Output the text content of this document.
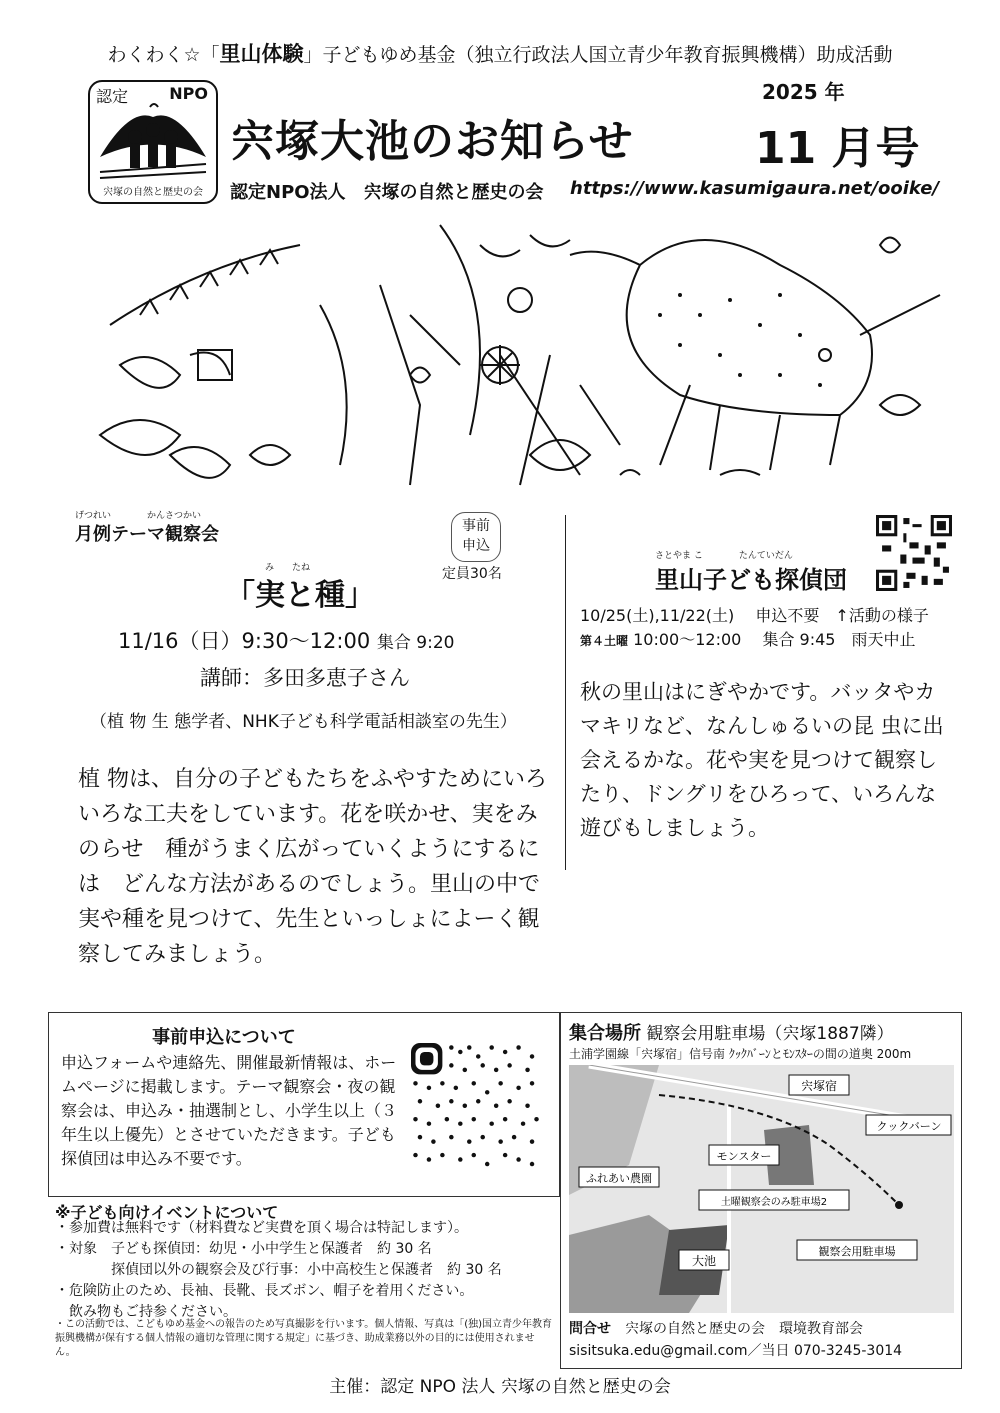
わくわく☆「里山体験」子どもゆめ基金（独立行政法人国立青少年教育振興機構）助成活動
認定	NPO
宍塚の自然と歴史の会
2025 年
宍塚大池のお知らせ	11 月号
認定NPO法人　宍塚の自然と歴史の会 https://www.kasumigaura.net/ooike/
げつれい　　　　かんさつかい
月例テーマ観察会	事前
申込
定員30名
み　　たね
「実と種」
11/16（日）9:30～12:00 集合 9:20
講師：多田多恵子さん
（植 物 生 態学者、NHK子ども科学電話相談室の先生）
植 物は、自分の子どもたちをふやすためにいろいろな工夫をしています。花を咲かせ、実をみのらせ　種がうまく広がっていくようにするには　どんな方法があるのでしょう。里山の中で実や種を見つけて、先生といっしょによーく観察してみましょう。
さとやま こ　　　　たんていだん
里山子ども探偵団
10/25(土),11/22(土)　 申込不要　 ↑活動の様子
第４土曜 10:00～12:00　 集合 9:45　 雨天中止
秋の里山はにぎやかです。バッタやカマキリなど、なんしゅるいの昆 虫に出会えるかな。花や実を見つけて観察したり、ドングリをひろって、いろんな遊びもしましょう。
事前申込について
申込フォームや連絡先、開催最新情報は、ホームページに掲載します。テーマ観察会・夜の観察会は、申込み・抽選制とし、小学生以上（３年生以上優先）とさせていただきます。子ども探偵団は申込み不要です。
※子ども向けイベントについて
・参加費は無料です（材料費など実費を頂く場合は特記します）。
・対象　子ども探偵団：幼児・小中学生と保護者　約 30 名
　　　　探偵団以外の観察会及び行事：小中高校生と保護者　約 30 名
・危険防止のため、長袖、長靴、長ズボン、帽子を着用ください。
　飲み物もご持参ください。
・この活動では、こどもゆめ基金への報告のため写真撮影を行います。個人情報、写真は「(独)国立青少年教育振興機構が保有する個人情報の適切な管理に関する規定」に基づき、助成業務以外の目的には使用されません。
集合場所 観察会用駐車場（宍塚1887隣）
土浦学園線「宍塚宿」信号南 ｸｯｸﾊﾞｰﾝとﾓﾝｽﾀｰの間の道奥 200m
宍塚宿
クックバーン
モンスター
ふれあい農園
土曜観察会のみ駐車場2
大池
観察会用駐車場
問合せ　 宍塚の自然と歴史の会　環境教育部会
sisitsuka.edu@gmail.com／当日 070-3245-3014
主催：認定 NPO 法人 宍塚の自然と歴史の会
